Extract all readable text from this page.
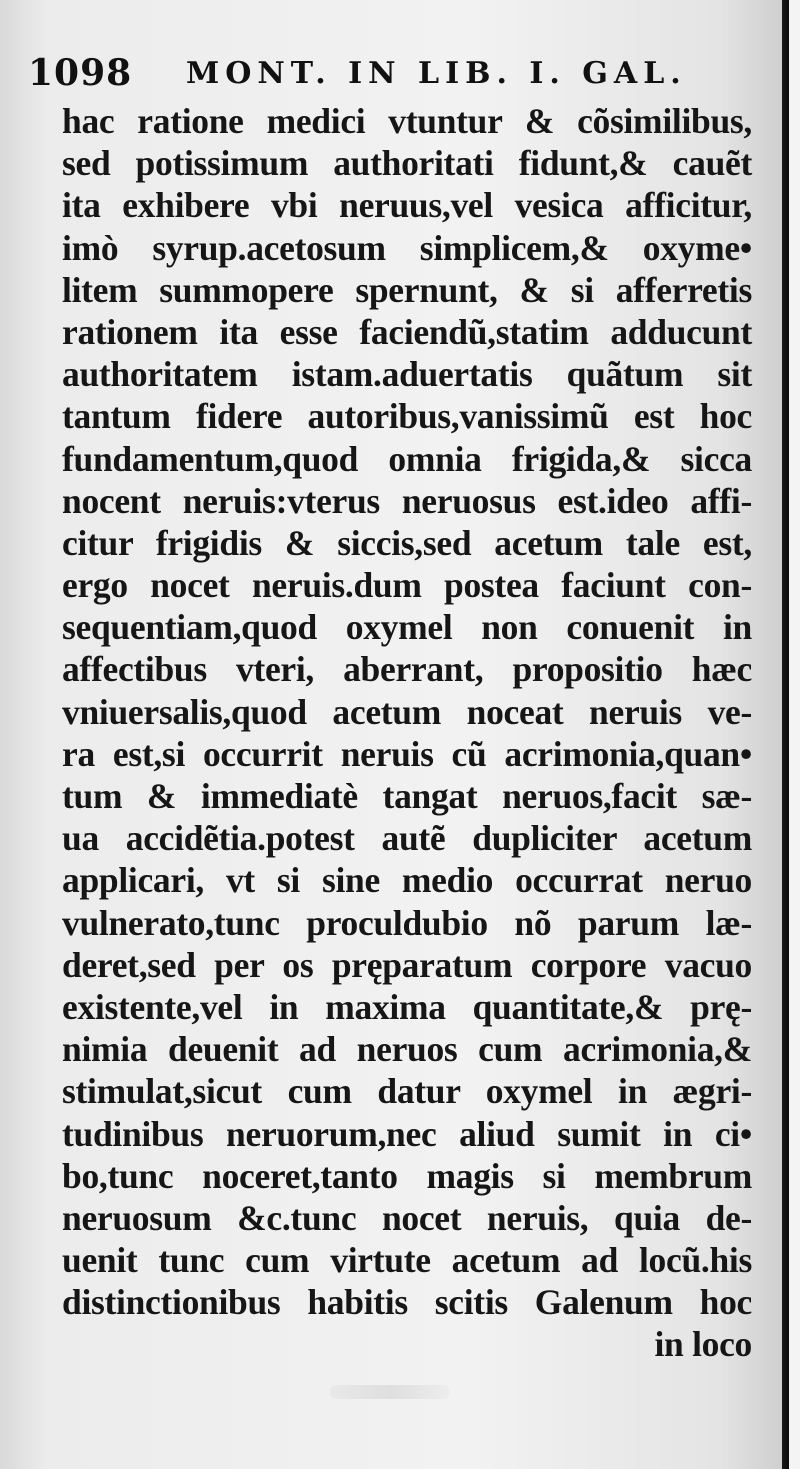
1098 MONT. IN LIB. I. GAL.
hac ratione medici vtuntur & cõsimilibus,
sed potissimum authoritati fidunt,& cauẽt
ita exhibere vbi neruus,vel vesica afficitur,
imò syrup.acetosum simplicem,& oxyme•
litem summopere spernunt, & si afferretis
rationem ita esse faciendũ,statim adducunt
authoritatem istam.aduertatis quãtum sit
tantum fidere autoribus,vanissimũ est hoc
fundamentum,quod omnia frigida,& sicca
nocent neruis:vterus neruosus est.ideo affi-
citur frigidis & siccis,sed acetum tale est,
ergo nocet neruis.dum postea faciunt con-
sequentiam,quod oxymel non conuenit in
affectibus vteri, aberrant, propositio hæc
vniuersalis,quod acetum noceat neruis ve-
ra est,si occurrit neruis cũ acrimonia,quan•
tum & immediatè tangat neruos,facit sæ-
ua accidẽtia.potest autẽ dupliciter acetum
applicari, vt si sine medio occurrat neruo
vulnerato,tunc proculdubio nõ parum læ-
deret,sed per os pręparatum corpore vacuo
existente,vel in maxima quantitate,& prę-
nimia deuenit ad neruos cum acrimonia,&
stimulat,sicut cum datur oxymel in ægri-
tudinibus neruorum,nec aliud sumit in ci•
bo,tunc noceret,tanto magis si membrum
neruosum &c.tunc nocet neruis, quia de-
uenit tunc cum virtute acetum ad locũ.his
distinctionibus habitis scitis Galenum hoc
in loco
